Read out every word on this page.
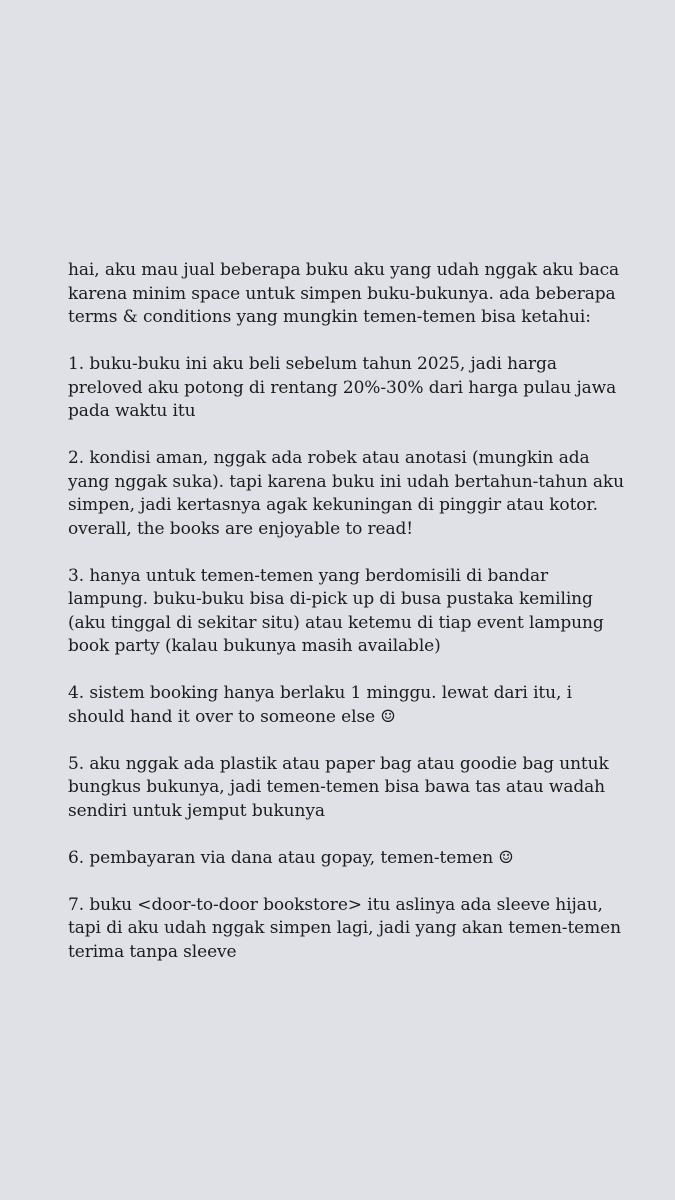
hai, aku mau jual beberapa buku aku yang udah nggak aku baca karena minim space untuk simpen buku-bukunya. ada beberapa terms & conditions yang mungkin temen-temen bisa ketahui:

1. buku-buku ini aku beli sebelum tahun 2025, jadi harga preloved aku potong di rentang 20%-30% dari harga pulau jawa pada waktu itu

2. kondisi aman, nggak ada robek atau anotasi (mungkin ada yang nggak suka). tapi karena buku ini udah bertahun-tahun aku simpen, jadi kertasnya agak kekuningan di pinggir atau kotor. overall, the books are enjoyable to read!

3. hanya untuk temen-temen yang berdomisili di bandar lampung. buku-buku bisa di-pick up di busa pustaka kemiling (aku tinggal di sekitar situ) atau ketemu di tiap event lampung book party (kalau bukunya masih available)

4. sistem booking hanya berlaku 1 minggu. lewat dari itu, i should hand it over to someone else ☺

5. aku nggak ada plastik atau paper bag atau goodie bag untuk bungkus bukunya, jadi temen-temen bisa bawa tas atau wadah sendiri untuk jemput bukunya

6. pembayaran via dana atau gopay, temen-temen ☺

7. buku <door-to-door bookstore> itu aslinya ada sleeve hijau, tapi di aku udah nggak simpen lagi, jadi yang akan temen-temen terima tanpa sleeve
